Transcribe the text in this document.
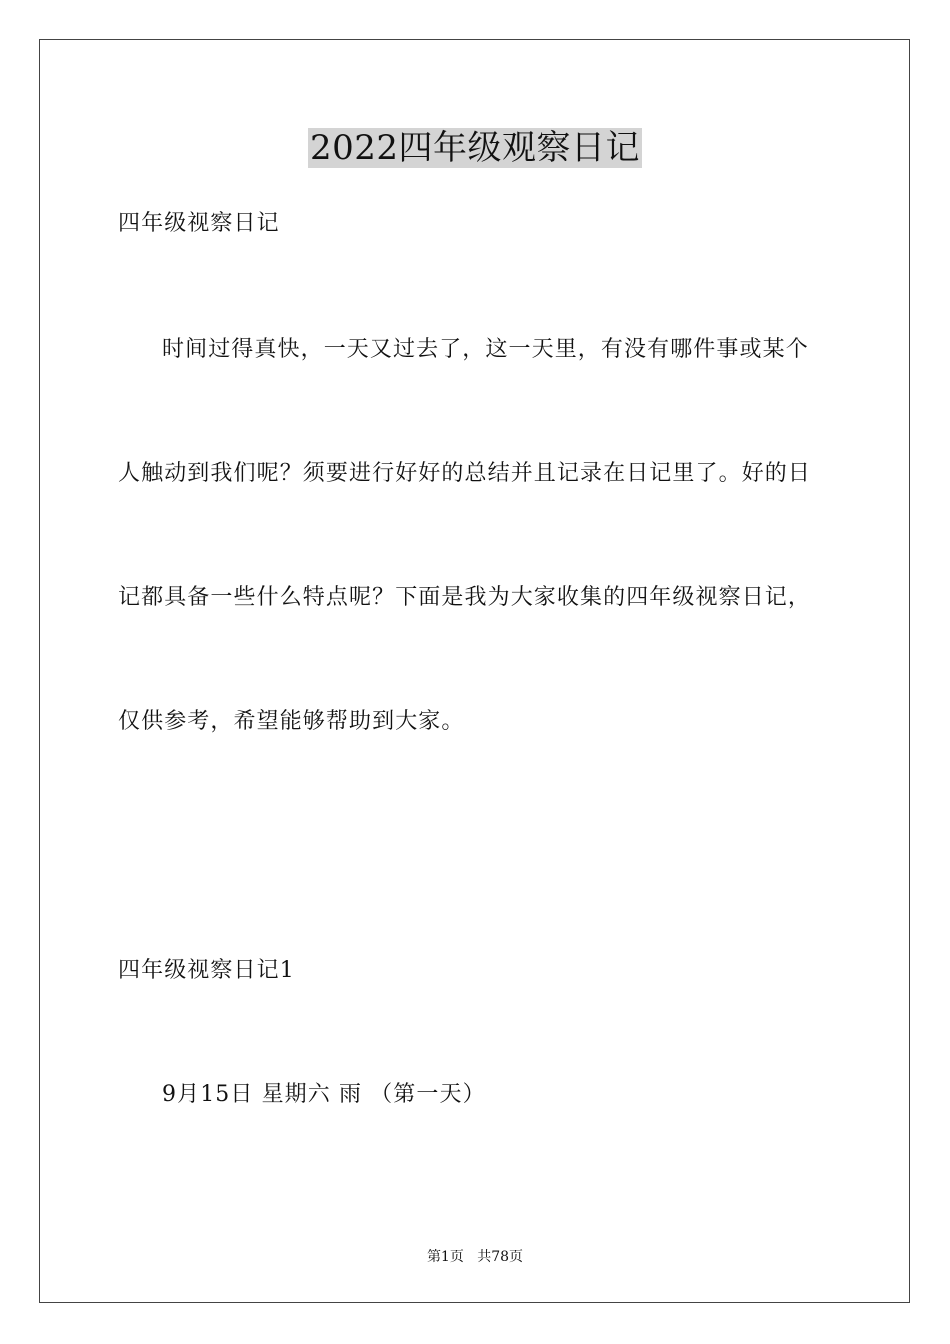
2022四年级观察日记
四年级视察日记
时间过得真快，一天又过去了，这一天里，有没有哪件事或某个
人触动到我们呢？须要进行好好的总结并且记录在日记里了。好的日
记都具备一些什么特点呢？下面是我为大家收集的四年级视察日记，
仅供参考，希望能够帮助到大家。
四年级视察日记1
9月15日 星期六 雨 （第一天）
第1页 共78页
